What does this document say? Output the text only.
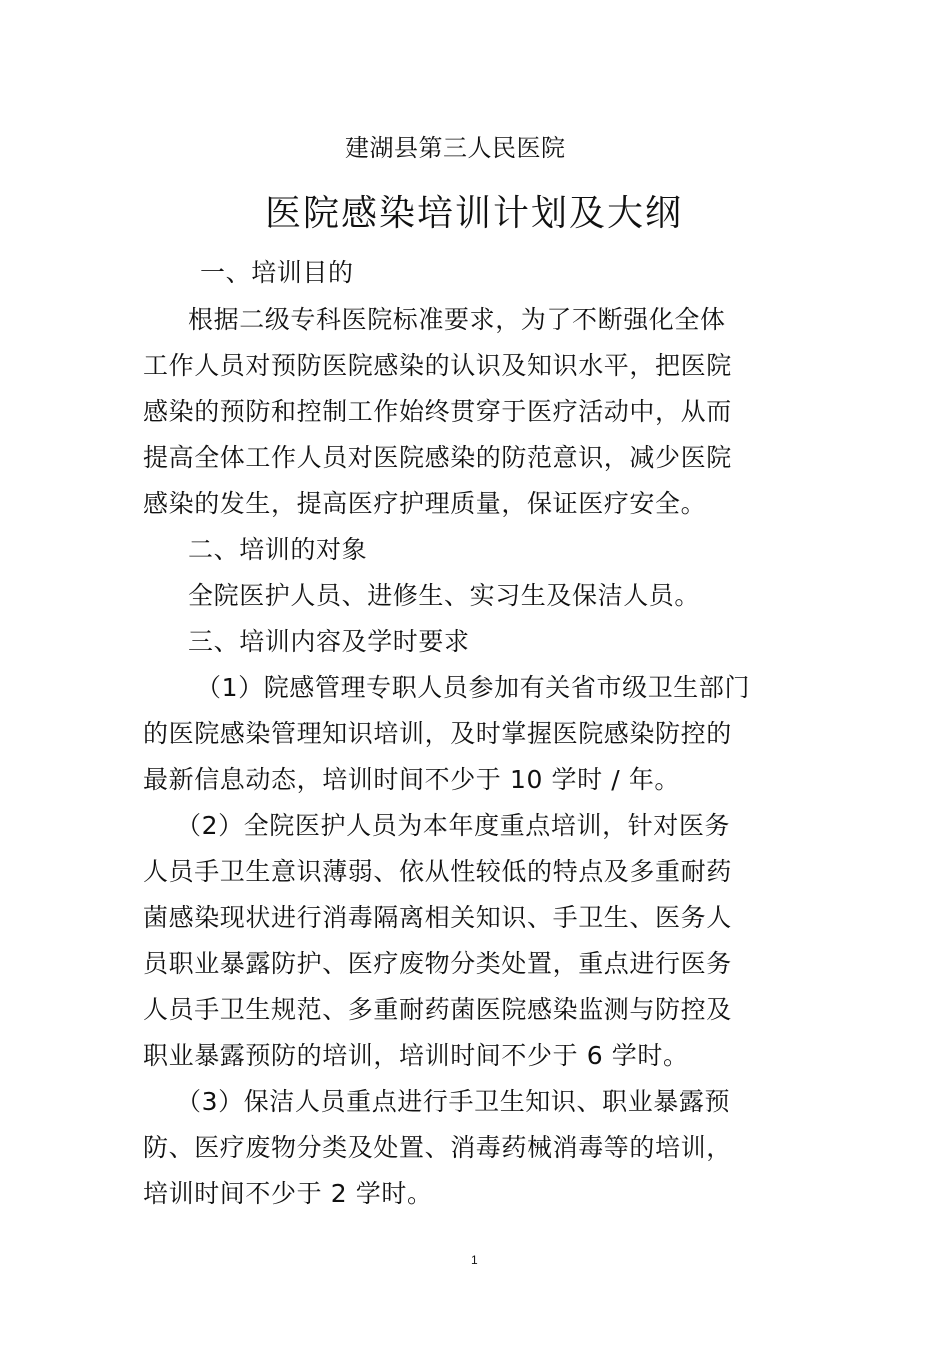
建湖县第三人民医院
医院感染培训计划及大纲
一、培训目的
根据二级专科医院标准要求，为了不断强化全体
工作人员对预防医院感染的认识及知识水平，把医院
感染的预防和控制工作始终贯穿于医疗活动中，从而
提高全体工作人员对医院感染的防范意识，减少医院
感染的发生，提高医疗护理质量，保证医疗安全。
二、培训的对象
全院医护人员、进修生、实习生及保洁人员。
三、培训内容及学时要求
（1）院感管理专职人员参加有关省市级卫生部门
的医院感染管理知识培训，及时掌握医院感染防控的
最新信息动态，培训时间不少于 10 学时 / 年。
（2）全院医护人员为本年度重点培训，针对医务
人员手卫生意识薄弱、依从性较低的特点及多重耐药
菌感染现状进行消毒隔离相关知识、手卫生、医务人
员职业暴露防护、医疗废物分类处置，重点进行医务
人员手卫生规范、多重耐药菌医院感染监测与防控及
职业暴露预防的培训，培训时间不少于 6 学时。
（3）保洁人员重点进行手卫生知识、职业暴露预
防、医疗废物分类及处置、消毒药械消毒等的培训，
培训时间不少于 2 学时。
1
